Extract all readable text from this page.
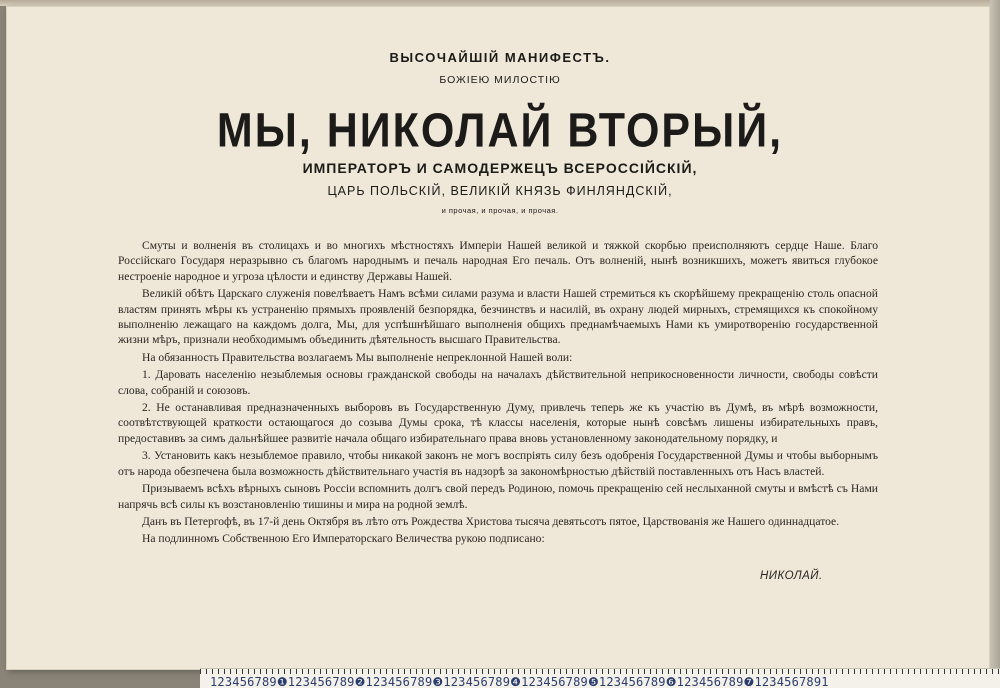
ВЫСОЧАЙШІЙ МАНИФЕСТЪ.
БОЖІЕЮ МИЛОСТІЮ
МЫ, НИКОЛАЙ ВТОРЫЙ,
ИМПЕРАТОРЪ И САМОДЕРЖЕЦЪ ВСЕРОССІЙСКІЙ,
ЦАРЬ ПОЛЬСКІЙ, ВЕЛИКІЙ КНЯЗЬ ФИНЛЯНДСКІЙ,
и прочая, и прочая, и прочая.

Смуты и волненія въ столицахъ и во многихъ мѣстностяхъ Имперіи Нашей великой и тяжкой скорбью преисполняютъ сердце Наше. Благо Россійскаго Государя неразрывно съ благомъ народнымъ и печаль народная Его печаль. Отъ волненій, нынѣ возникшихъ, можетъ явиться глубокое нестроеніе народное и угроза цѣлости и единству Державы Нашей.

Великій обѣтъ Царскаго служенія повелѣваетъ Намъ всѣми силами разума и власти Нашей стремиться къ скорѣйшему прекращенію столь опасной властям принять мѣры къ устраненію прямыхъ проявленій безпорядка, безчинствъ и насилій, въ охрану людей мирныхъ, стремящихся къ спокойному выполненію лежащаго на каждомъ долга, Мы, для успѣшнѣйшаго выполненія общихъ преднамѣчаемыхъ Нами къ умиротворенію государственной жизни мѣръ, признали необходимымъ объединить дѣятельность высшаго Правительства.

На обязанность Правительства возлагаемъ Мы выполненіе непреклонной Нашей воли:

1. Даровать населенію незыблемыя основы гражданской свободы на началахъ дѣйствительной неприкосновенности личности, свободы совѣсти слова, собраній и союзовъ.

2. Не останавливая предназначенныхъ выборовъ въ Государственную Думу, привлечь теперь же къ участію въ Думѣ, въ мѣрѣ возможности, соотвѣтствующей краткости остающагося до созыва Думы срока, тѣ классы населенія, которые нынѣ совсѣмъ лишены избирательныхъ правъ, предоставивъ за симъ дальнѣйшее развитіе начала общаго избирательнаго права вновь установленному законодательному порядку, и

3. Установить какъ незыблемое правило, чтобы никакой законъ не могъ воспріять силу безъ одобренія Государственной Думы и чтобы выборнымъ отъ народа обезпечена была возможность дѣйствительнаго участія въ надзорѣ за закономѣрностью дѣйствій поставленныхъ отъ Насъ властей.

Призываемъ всѣхъ вѣрныхъ сыновъ Россіи вспомнить долгъ свой передъ Родиною, помочь прекращенію сей неслыханной смуты и вмѣстѣ съ Нами напрячь всѣ силы къ возстановленію тишины и мира на родной землѣ.

Данъ въ Петергофѣ, въ 17-й день Октября въ лѣто отъ Рождества Христова тысяча девятьсотъ пятое, Царствованія же Нашего одиннадцатое.

На подлинномъ Собственною Его Императорскаго Величества рукою подписано:

НИКОЛАЙ.
123456789❶123456789❷123456789❸123456789❹123456789❺123456789❻123456789❼1234567891
